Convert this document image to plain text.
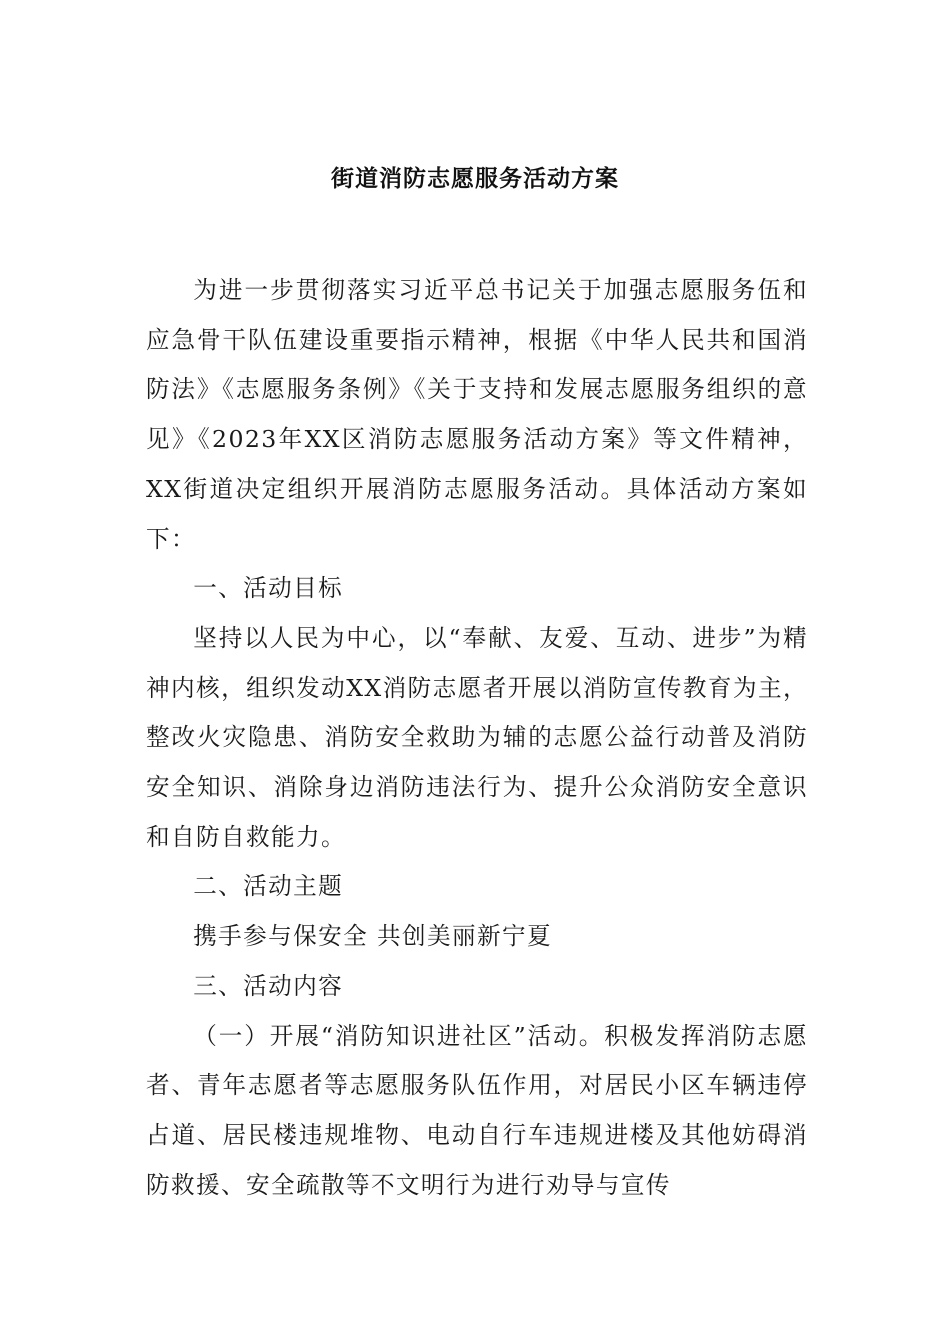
街道消防志愿服务活动方案

为进一步贯彻落实习近平总书记关于加强志愿服务伍和应急骨干队伍建设重要指示精神，根据《中华人民共和国消防法》《志愿服务条例》《关于支持和发展志愿服务组织的意见》《2023年XX区消防志愿服务活动方案》等文件精神，XX街道决定组织开展消防志愿服务活动。具体活动方案如下：

一、活动目标

坚持以人民为中心，以“奉献、友爱、互动、进步”为精神内核，组织发动XX消防志愿者开展以消防宣传教育为主，整改火灾隐患、消防安全救助为辅的志愿公益行动普及消防安全知识、消除身边消防违法行为、提升公众消防安全意识和自防自救能力。

二、活动主题

携手参与保安全 共创美丽新宁夏

三、活动内容

（一）开展“消防知识进社区”活动。积极发挥消防志愿者、青年志愿者等志愿服务队伍作用，对居民小区车辆违停占道、居民楼违规堆物、电动自行车违规进楼及其他妨碍消防救援、安全疏散等不文明行为进行劝导与宣传
